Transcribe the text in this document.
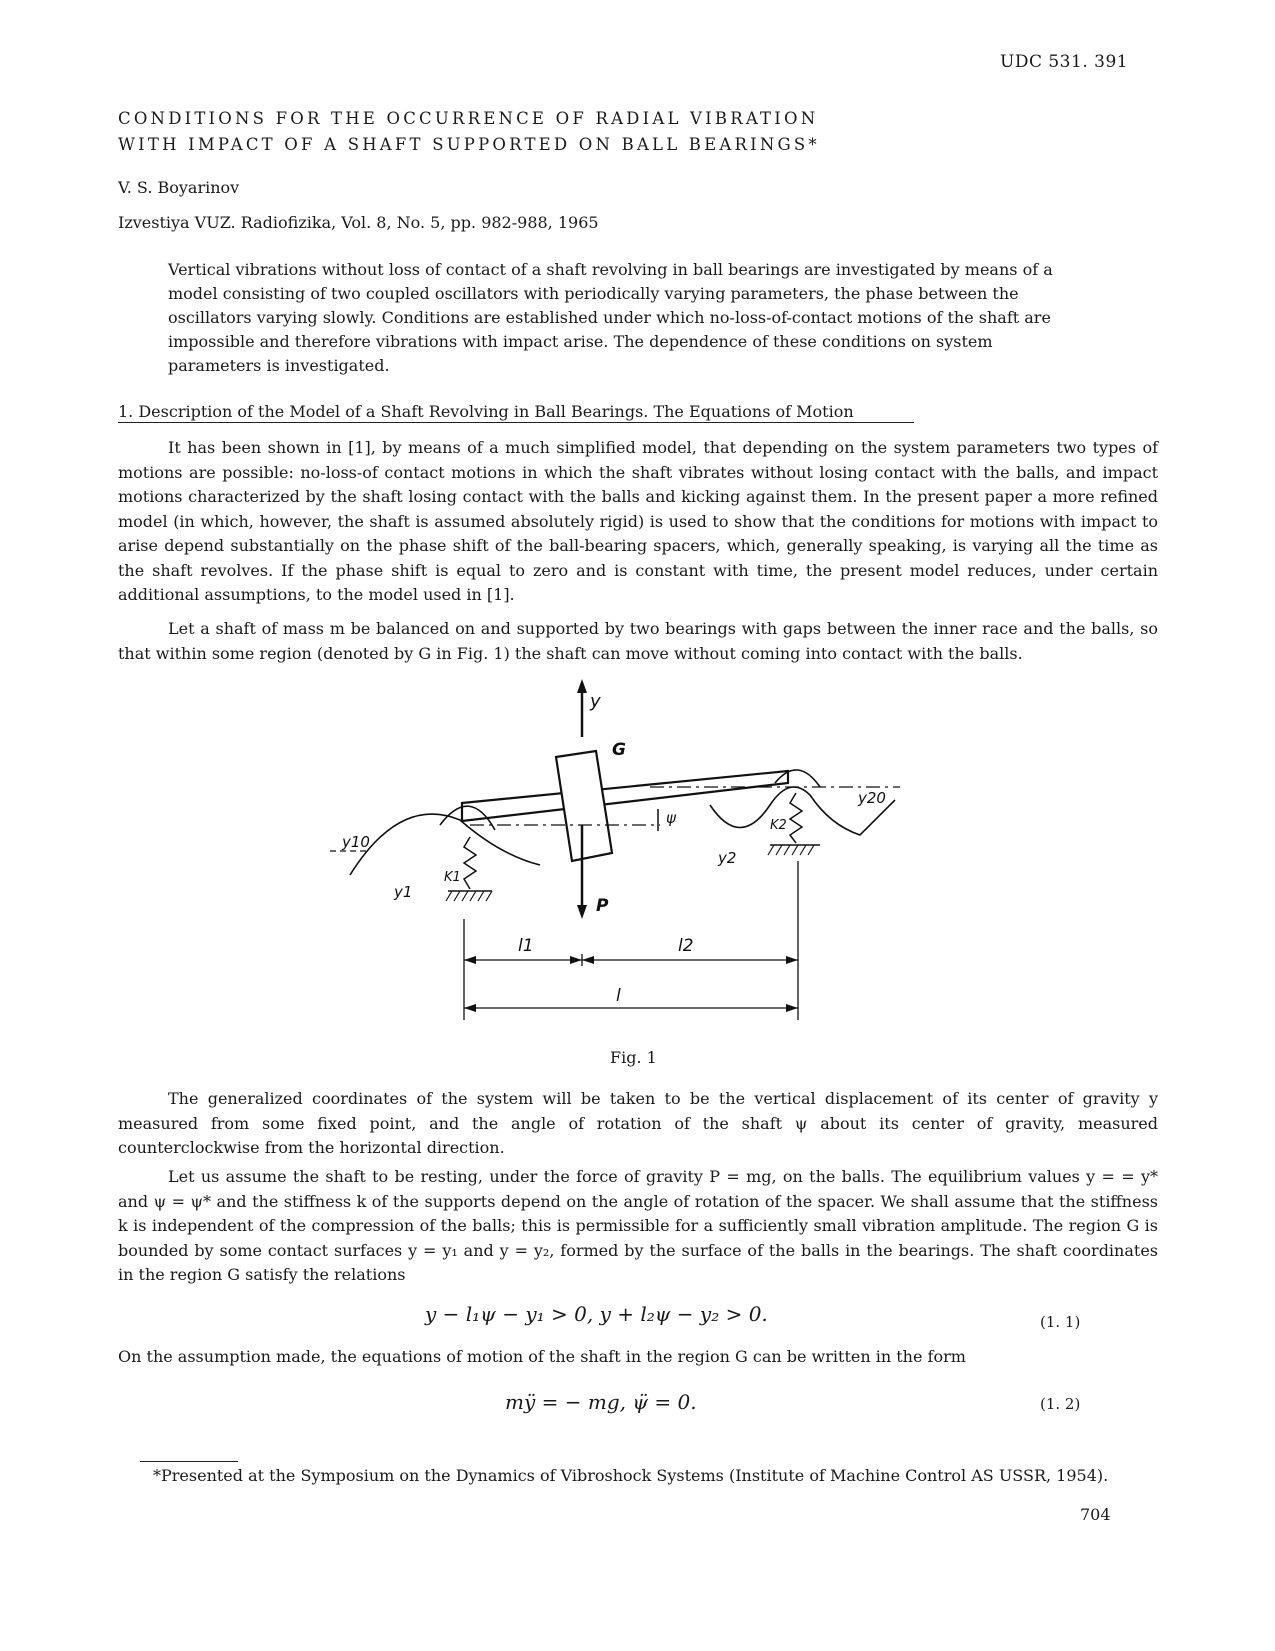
UDC 531. 391
CONDITIONS FOR THE OCCURRENCE OF RADIAL VIBRATION
WITH IMPACT OF A SHAFT SUPPORTED ON BALL BEARINGS*
V. S. Boyarinov
Izvestiya VUZ. Radiofizika, Vol. 8, No. 5, pp. 982-988, 1965
Vertical vibrations without loss of contact of a shaft revolving in ball bearings are investigated by means of a model consisting of two coupled oscillators with periodically varying parameters, the phase between the oscillators varying slowly. Conditions are established under which no-loss-of-contact motions of the shaft are impossible and therefore vibrations with impact arise. The dependence of these conditions on system parameters is investigated.
1. Description of the Model of a Shaft Revolving in Ball Bearings. The Equations of Motion
It has been shown in [1], by means of a much simplified model, that depending on the system parameters two types of motions are possible: no-loss-of contact motions in which the shaft vibrates without losing contact with the balls, and impact motions characterized by the shaft losing contact with the balls and kicking against them. In the present paper a more refined model (in which, however, the shaft is assumed absolutely rigid) is used to show that the conditions for motions with impact to arise depend substantially on the phase shift of the ball-bearing spacers, which, generally speaking, is varying all the time as the shaft revolves. If the phase shift is equal to zero and is constant with time, the present model reduces, under certain additional assumptions, to the model used in [1].
Let a shaft of mass m be balanced on and supported by two bearings with gaps between the inner race and the balls, so that within some region (denoted by G in Fig. 1) the shaft can move without coming into contact with the balls.
y
G
ψ
y10
y1
K1
y20
y2
K2
P
l1	l2
l
Fig. 1
The generalized coordinates of the system will be taken to be the vertical displacement of its center of gravity y measured from some fixed point, and the angle of rotation of the shaft ψ about its center of gravity, measured counterclockwise from the horizontal direction.
Let us assume the shaft to be resting, under the force of gravity P = mg, on the balls. The equilibrium values y = = y* and ψ = ψ* and the stiffness k of the supports depend on the angle of rotation of the spacer. We shall assume that the stiffness k is independent of the compression of the balls; this is permissible for a sufficiently small vibration amplitude. The region G is bounded by some contact surfaces y = y₁ and y = y₂, formed by the surface of the balls in the bearings. The shaft coordinates in the region G satisfy the relations
y − l₁ψ − y₁ > 0, y + l₂ψ − y₂ > 0.	(1. 1)
On the assumption made, the equations of motion of the shaft in the region G can be written in the form
mÿ = − mg, ψ̈ = 0.	(1. 2)
*Presented at the Symposium on the Dynamics of Vibroshock Systems (Institute of Machine Control AS USSR, 1954).
704
